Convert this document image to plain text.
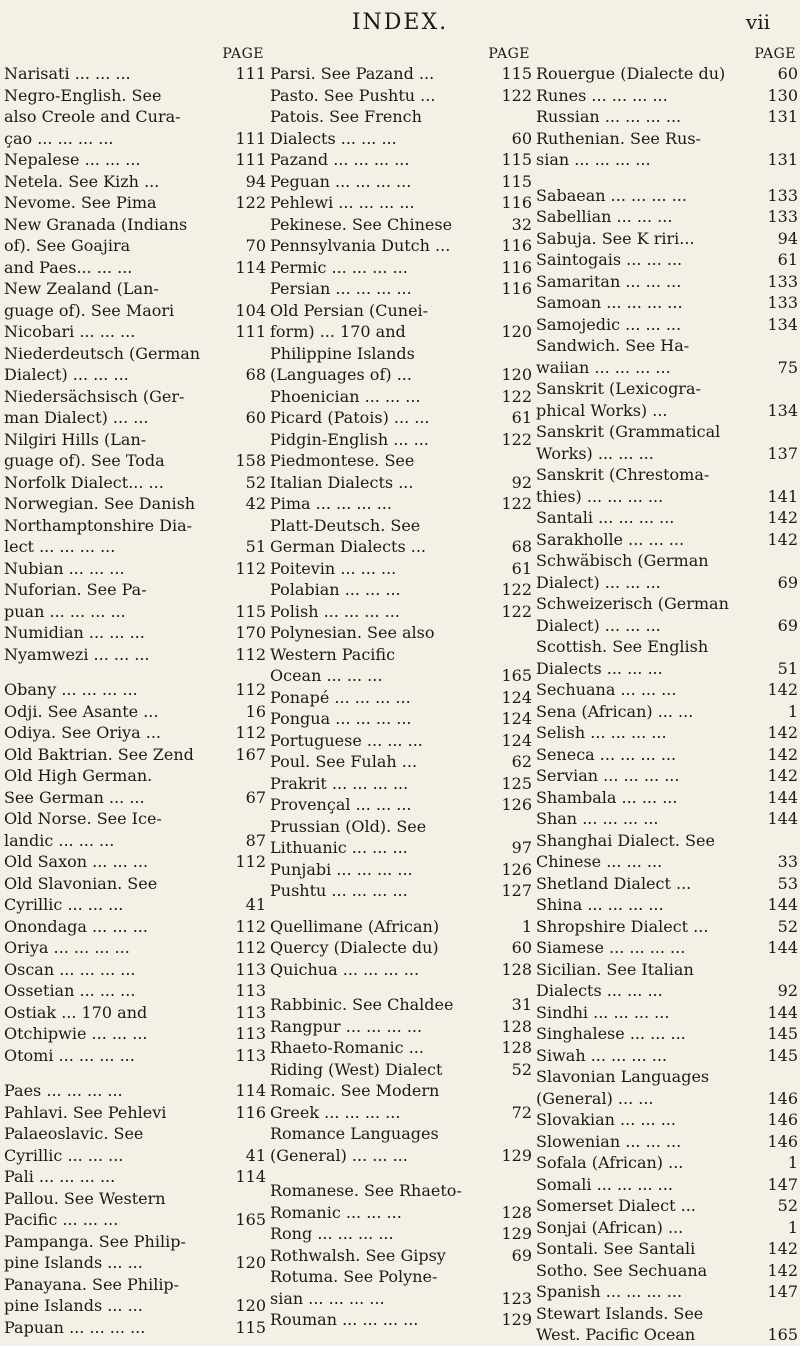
INDEX.	vii
PAGE
Narisati ... ... ...	111
Negro-English. See
also Creole and Cura-
çao ... ... ... ...	111
Nepalese ... ... ...	111
Netela. See Kizh ...	94
Nevome. See Pima	122
New Granada (Indians
of). See Goajira	70
and Paes... ... ...	114
New Zealand (Lan-
guage of). See Maori	104
Nicobari ... ... ...	111
Niederdeutsch (German
Dialect) ... ... ...	68
Niedersächsisch (Ger-
man Dialect) ... ...	60
Nilgiri Hills (Lan-
guage of). See Toda	158
Norfolk Dialect... ...	52
Norwegian. See Danish	42
Northamptonshire Dia-
lect ... ... ... ...	51
Nubian ... ... ...	112
Nuforian. See Pa-
puan ... ... ... ...	115
Numidian ... ... ...	170
Nyamwezi ... ... ...	112
Obany ... ... ... ...	112
Odji. See Asante ...	16
Odiya. See Oriya ...	112
Old Baktrian. See Zend	167
Old High German.
See German ... ...	67
Old Norse. See Ice-
landic ... ... ...	87
Old Saxon ... ... ...	112
Old Slavonian. See
Cyrillic ... ... ...	41
Onondaga ... ... ...	112
Oriya ... ... ... ...	112
Oscan ... ... ... ...	113
Ossetian ... ... ...	113
Ostiak ... 170 and	113
Otchipwie ... ... ...	113
Otomi ... ... ... ...	113
Paes ... ... ... ...	114
Pahlavi. See Pehlevi	116
Palaeoslavic. See
Cyrillic ... ... ...	41
Pali ... ... ... ...	114
Pallou. See Western
Pacific ... ... ...	165
Pampanga. See Philip-
pine Islands ... ...	120
Panayana. See Philip-
pine Islands ... ...	120
Papuan ... ... ... ...	115
PAGE
Parsi. See Pazand ...	115
Pasto. See Pushtu ...	122
Patois. See French
Dialects ... ... ...	60
Pazand ... ... ... ...	115
Peguan ... ... ... ...	115
Pehlewi ... ... ... ...	116
Pekinese. See Chinese	32
Pennsylvania Dutch ...	116
Permic ... ... ... ...	116
Persian ... ... ... ...	116
Old Persian (Cunei-
form) ... 170 and	120
Philippine Islands
(Languages of) ...	120
Phoenician ... ... ...	122
Picard (Patois) ... ...	61
Pidgin-English ... ...	122
Piedmontese. See
Italian Dialects ...	92
Pima ... ... ... ...	122
Platt-Deutsch. See
German Dialects ...	68
Poitevin ... ... ...	61
Polabian ... ... ...	122
Polish ... ... ... ...	122
Polynesian. See also
Western Pacific
Ocean ... ... ...	165
Ponapé ... ... ... ...	124
Pongua ... ... ... ...	124
Portuguese ... ... ...	124
Poul. See Fulah ...	62
Prakrit ... ... ... ...	125
Provençal ... ... ...	126
Prussian (Old). See
Lithuanic ... ... ...	97
Punjabi ... ... ... ...	126
Pushtu ... ... ... ...	127
Quellimane (African)	1
Quercy (Dialecte du)	60
Quichua ... ... ... ...	128
Rabbinic. See Chaldee	31
Rangpur ... ... ... ...	128
Rhaeto-Romanic ...	128
Riding (West) Dialect	52
Romaic. See Modern
Greek ... ... ... ...	72
Romance Languages
(General) ... ... ...	129
Romanese. See Rhaeto-
Romanic ... ... ...	128
Rong ... ... ... ...	129
Rothwalsh. See Gipsy	69
Rotuma. See Polyne-
sian ... ... ... ...	123
Rouman ... ... ... ...	129
PAGE
Rouergue (Dialecte du)	60
Runes ... ... ... ...	130
Russian ... ... ... ...	131
Ruthenian. See Rus-
sian ... ... ... ...	131
Sabaean ... ... ... ...	133
Sabellian ... ... ...	133
Sabuja. See K riri...	94
Saintogais ... ... ...	61
Samaritan ... ... ...	133
Samoan ... ... ... ...	133
Samojedic ... ... ...	134
Sandwich. See Ha-
waiian ... ... ... ...	75
Sanskrit (Lexicogra-
phical Works) ...	134
Sanskrit (Grammatical
Works) ... ... ...	137
Sanskrit (Chrestoma-
thies) ... ... ... ...	141
Santali ... ... ... ...	142
Sarakholle ... ... ...	142
Schwäbisch (German
Dialect) ... ... ...	69
Schweizerisch (German
Dialect) ... ... ...	69
Scottish. See English
Dialects ... ... ...	51
Sechuana ... ... ...	142
Sena (African) ... ...	1
Selish ... ... ... ...	142
Seneca ... ... ... ...	142
Servian ... ... ... ...	142
Shambala ... ... ...	144
Shan ... ... ... ...	144
Shanghai Dialect. See
Chinese ... ... ...	33
Shetland Dialect ...	53
Shina ... ... ... ...	144
Shropshire Dialect ...	52
Siamese ... ... ... ...	144
Sicilian. See Italian
Dialects ... ... ...	92
Sindhi ... ... ... ...	144
Singhalese ... ... ...	145
Siwah ... ... ... ...	145
Slavonian Languages
(General) ... ...	146
Slovakian ... ... ...	146
Slowenian ... ... ...	146
Sofala (African) ...	1
Somali ... ... ... ...	147
Somerset Dialect ...	52
Sonjai (African) ...	1
Sontali. See Santali	142
Sotho. See Sechuana	142
Spanish ... ... ... ...	147
Stewart Islands. See
West. Pacific Ocean	165
